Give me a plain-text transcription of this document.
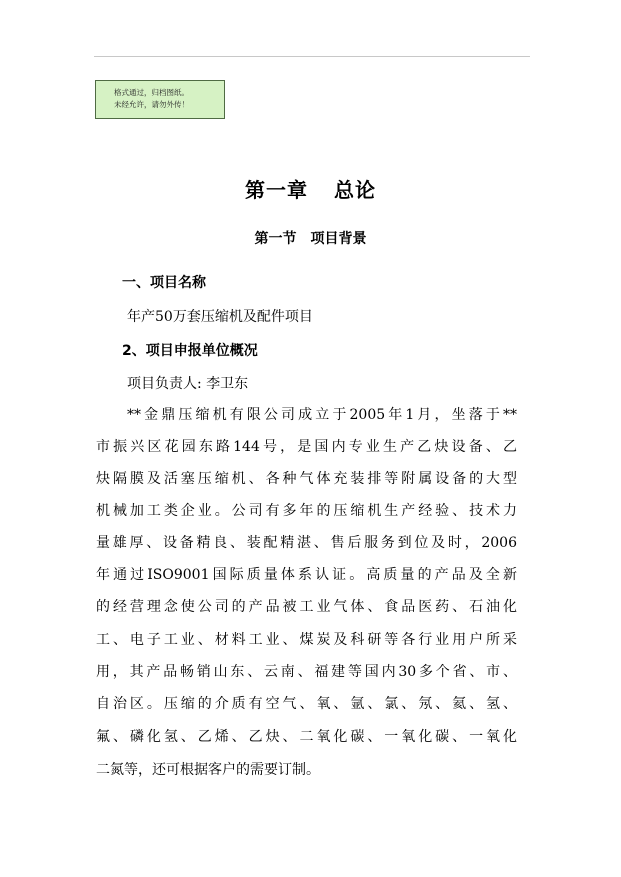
格式通过，归档图纸。
未经允许，请勿外传！
第一章 总论
第一节 项目背景
一、项目名称
年产50万套压缩机及配件项目
2、项目申报单位概况
项目负责人: 李卫东
**金鼎压缩机有限公司成立于2005年1月，坐落于**
市振兴区花园东路144号，是国内专业生产乙炔设备、乙
炔隔膜及活塞压缩机、各种气体充装排等附属设备的大型
机械加工类企业。公司有多年的压缩机生产经验、技术力
量雄厚、设备精良、装配精湛、售后服务到位及时，2006
年通过ISO9001国际质量体系认证。高质量的产品及全新
的经营理念使公司的产品被工业气体、食品医药、石油化
工、电子工业、材料工业、煤炭及科研等各行业用户所采
用，其产品畅销山东、云南、福建等国内30多个省、市、
自治区。压缩的介质有空气、氧、氩、氯、氖、氦、氢、
氟、磷化氢、乙烯、乙炔、二氧化碳、一氧化碳、一氧化
二氮等，还可根据客户的需要订制。
